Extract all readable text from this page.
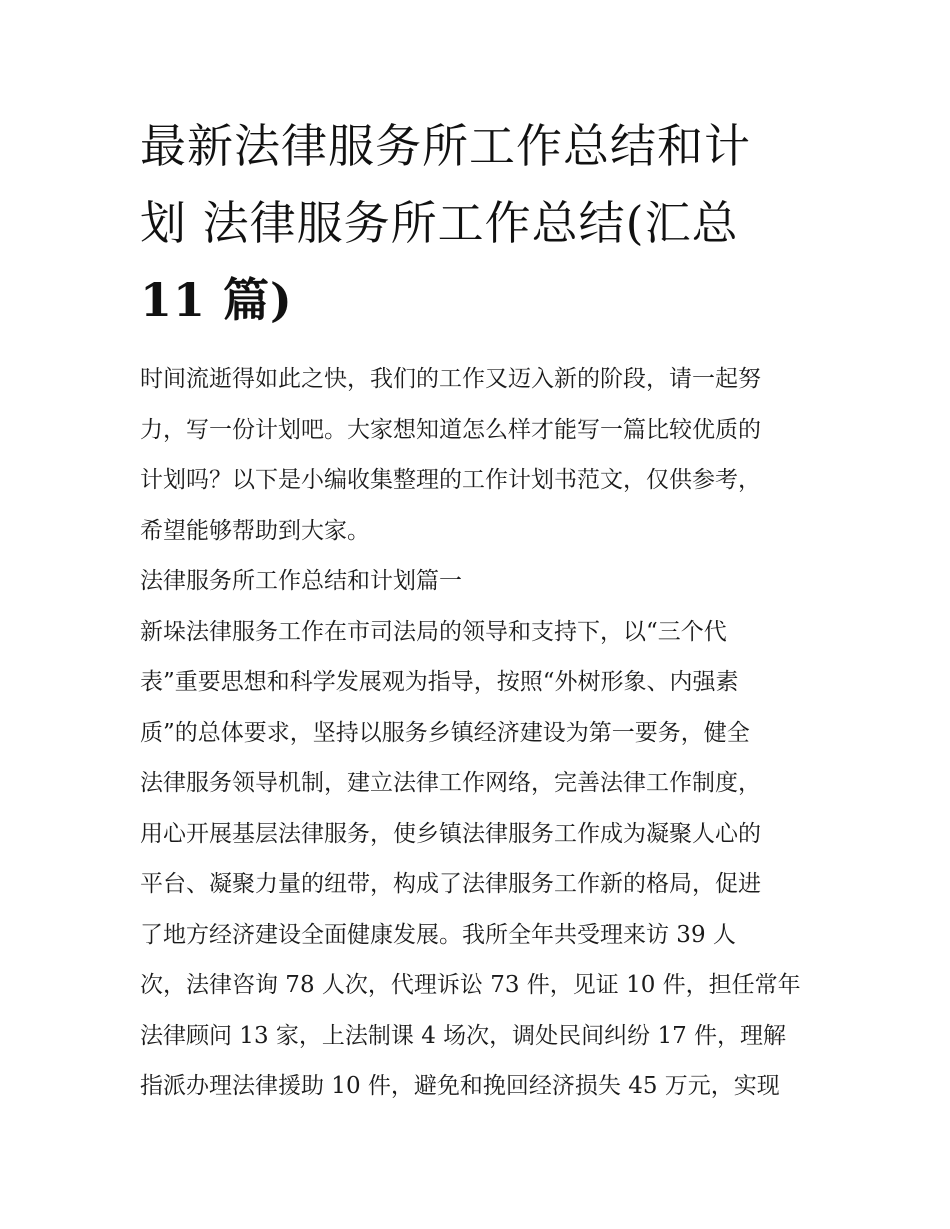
最新法律服务所工作总结和计
划 法律服务所工作总结(汇总
11 篇)
时间流逝得如此之快，我们的工作又迈入新的阶段，请一起努
力，写一份计划吧。大家想知道怎么样才能写一篇比较优质的
计划吗？以下是小编收集整理的工作计划书范文，仅供参考，
希望能够帮助到大家。
法律服务所工作总结和计划篇一
新垛法律服务工作在市司法局的领导和支持下，以“三个代
表”重要思想和科学发展观为指导，按照“外树形象、内强素
质”的总体要求，坚持以服务乡镇经济建设为第一要务，健全
法律服务领导机制，建立法律工作网络，完善法律工作制度，
用心开展基层法律服务，使乡镇法律服务工作成为凝聚人心的
平台、凝聚力量的纽带，构成了法律服务工作新的格局，促进
了地方经济建设全面健康发展。我所全年共受理来访 39 人
次，法律咨询 78 人次，代理诉讼 73 件，见证 10 件，担任常年
法律顾问 13 家，上法制课 4 场次，调处民间纠纷 17 件，理解
指派办理法律援助 10 件，避免和挽回经济损失 45 万元，实现
